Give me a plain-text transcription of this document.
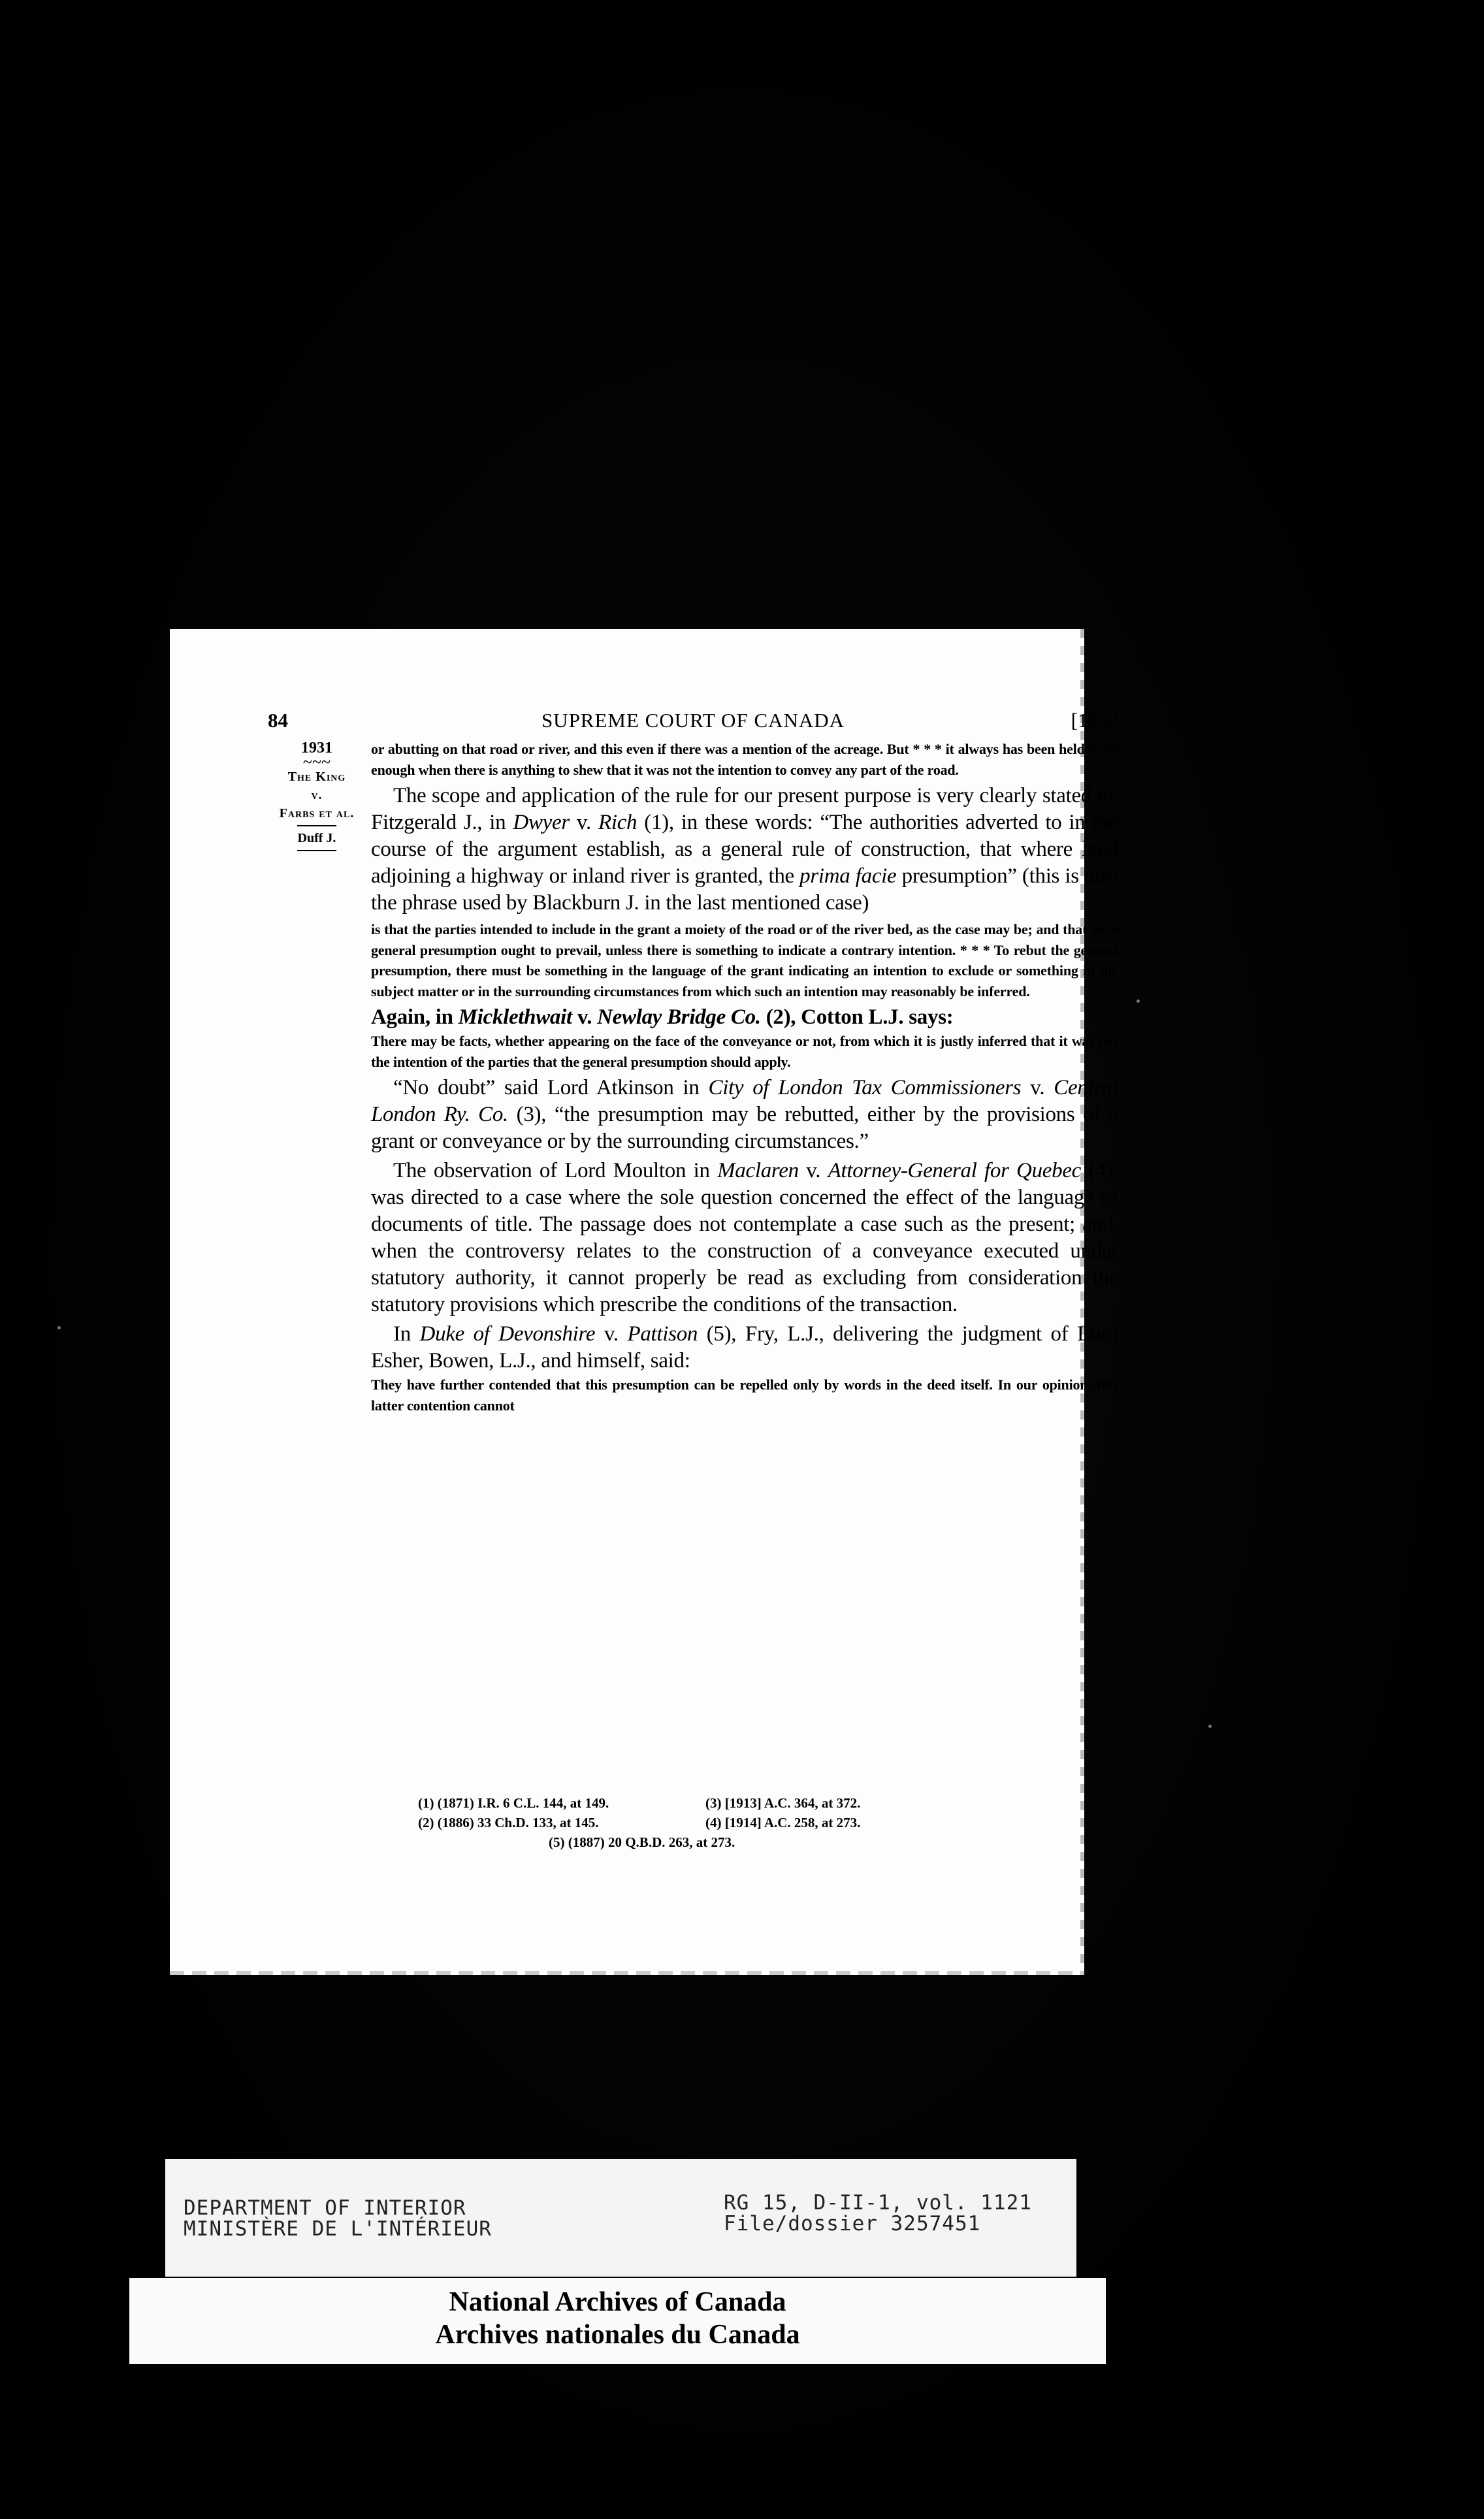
84	SUPREME COURT OF CANADA	[1932
1931
~~~
The King
v.
Farbs et al.
Duff J.

or abutting on that road or river, and this even if there was a mention of the acreage. But * * * it always has been held to be enough when there is anything to shew that it was not the intention to convey any part of the road.

The scope and application of the rule for our present purpose is very clearly stated by Fitzgerald J., in Dwyer v. Rich (1), in these words: “The authorities adverted to in the course of the argument establish, as a general rule of construction, that where land adjoining a highway or inland river is granted, the prima facie presumption” (this is also the phrase used by Blackburn J. in the last mentioned case)

is that the parties intended to include in the grant a moiety of the road or of the river bed, as the case may be; and that such general presumption ought to prevail, unless there is something to indicate a contrary intention. * * * To rebut the general presumption, there must be something in the language of the grant indicating an intention to exclude or something in the subject matter or in the surrounding circumstances from which such an intention may reasonably be inferred.

Again, in Micklethwait v. Newlay Bridge Co. (2), Cotton L.J. says:

There may be facts, whether appearing on the face of the conveyance or not, from which it is justly inferred that it was not the intention of the parties that the general presumption should apply.

“No doubt” said Lord Atkinson in City of London Tax Commissioners v. Central London Ry. Co. (3), “the presumption may be rebutted, either by the provisions of a grant or conveyance or by the surrounding circumstances.”

The observation of Lord Moulton in Maclaren v. Attorney-General for Quebec (4), was directed to a case where the sole question concerned the effect of the language of documents of title. The passage does not contemplate a case such as the present; and, when the controversy relates to the construction of a conveyance executed under statutory authority, it cannot properly be read as excluding from consideration the statutory provisions which prescribe the conditions of the transaction.

In Duke of Devonshire v. Pattison (5), Fry, L.J., delivering the judgment of Lord Esher, Bowen, L.J., and himself, said:

They have further contended that this presumption can be repelled only by words in the deed itself. In our opinion, this latter contention cannot

(1) (1871) I.R. 6 C.L. 144, at 149.	(3) [1913] A.C. 364, at 372.
(2) (1886) 33 Ch.D. 133, at 145.	(4) [1914] A.C. 258, at 273.
(5) (1887) 20 Q.B.D. 263, at 273.
DEPARTMENT OF INTERIOR
MINISTÈRE DE L'INTÉRIEUR
RG 15, D-II-1, vol. 1121
File/dossier 3257451
National Archives of Canada
Archives nationales du Canada
